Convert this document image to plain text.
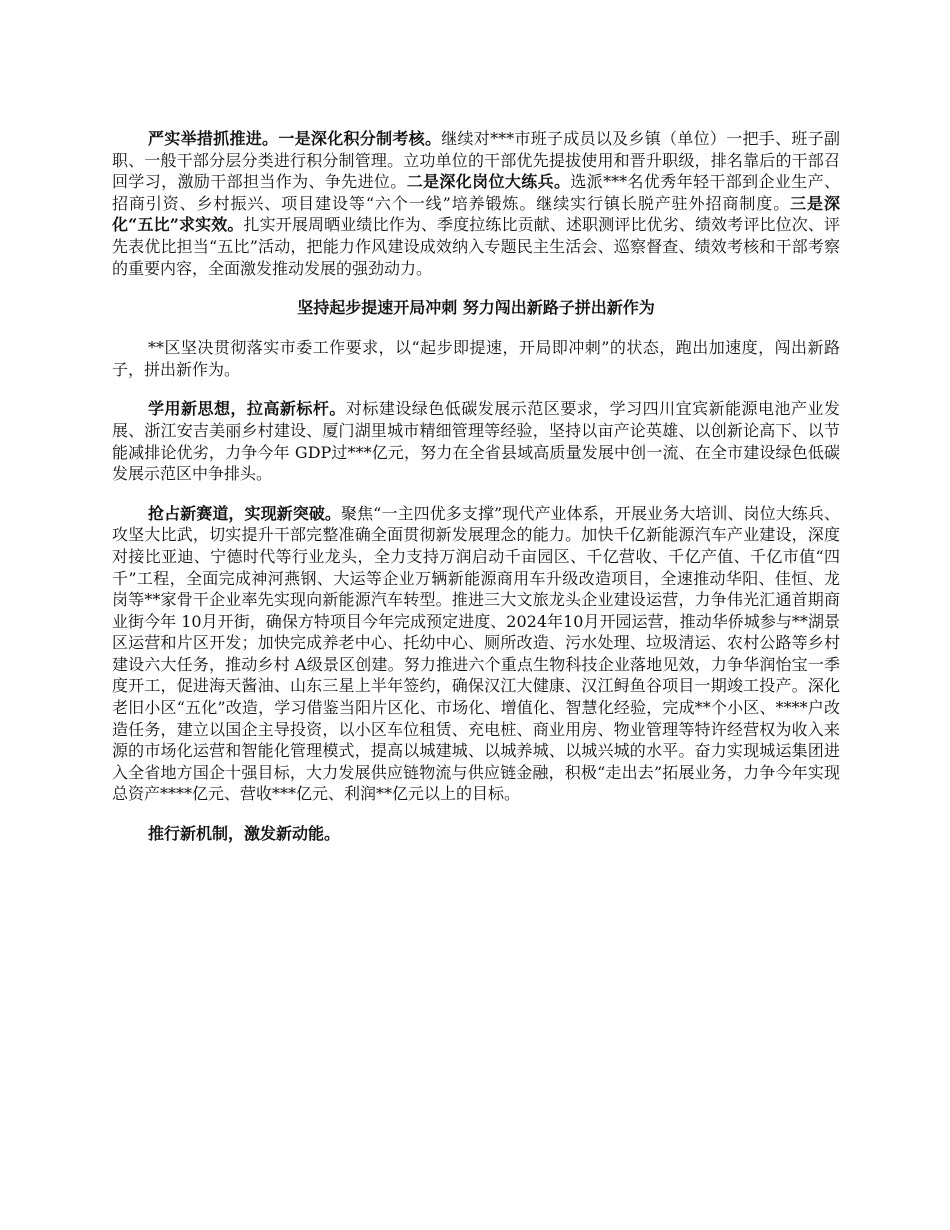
严实举措抓推进。一是深化积分制考核。继续对***市班子成员以及乡镇（单位）一把手、班子副职、一般干部分层分类进行积分制管理。立功单位的干部优先提拔使用和晋升职级，排名靠后的干部召回学习，激励干部担当作为、争先进位。二是深化岗位大练兵。选派***名优秀年轻干部到企业生产、招商引资、乡村振兴、项目建设等“六个一线”培养锻炼。继续实行镇长脱产驻外招商制度。三是深化“五比”求实效。扎实开展周晒业绩比作为、季度拉练比贡献、述职测评比优劣、绩效考评比位次、评先表优比担当“五比”活动，把能力作风建设成效纳入专题民主生活会、巡察督查、绩效考核和干部考察的重要内容，全面激发推动发展的强劲动力。

坚持起步提速开局冲刺 努力闯出新路子拼出新作为

**区坚决贯彻落实市委工作要求，以“起步即提速，开局即冲刺”的状态，跑出加速度，闯出新路子，拼出新作为。

学用新思想，拉高新标杆。对标建设绿色低碳发展示范区要求，学习四川宜宾新能源电池产业发展、浙江安吉美丽乡村建设、厦门湖里城市精细管理等经验，坚持以亩产论英雄、以创新论高下、以节能减排论优劣，力争今年 GDP过***亿元，努力在全省县域高质量发展中创一流、在全市建设绿色低碳发展示范区中争排头。

抢占新赛道，实现新突破。聚焦“一主四优多支撑”现代产业体系，开展业务大培训、岗位大练兵、攻坚大比武，切实提升干部完整准确全面贯彻新发展理念的能力。加快千亿新能源汽车产业建设，深度对接比亚迪、宁德时代等行业龙头，全力支持万润启动千亩园区、千亿营收、千亿产值、千亿市值“四千”工程，全面完成神河燕钢、大运等企业万辆新能源商用车升级改造项目，全速推动华阳、佳恒、龙岗等**家骨干企业率先实现向新能源汽车转型。推进三大文旅龙头企业建设运营，力争伟光汇通首期商业街今年 10月开街，确保方特项目今年完成预定进度、2024年10月开园运营，推动华侨城参与**湖景区运营和片区开发；加快完成养老中心、托幼中心、厕所改造、污水处理、垃圾清运、农村公路等乡村建设六大任务，推动乡村 A级景区创建。努力推进六个重点生物科技企业落地见效，力争华润怡宝一季度开工，促进海天酱油、山东三星上半年签约，确保汉江大健康、汉江鲟鱼谷项目一期竣工投产。深化老旧小区“五化”改造，学习借鉴当阳片区化、市场化、增值化、智慧化经验，完成**个小区、****户改造任务，建立以国企主导投资，以小区车位租赁、充电桩、商业用房、物业管理等特许经营权为收入来源的市场化运营和智能化管理模式，提高以城建城、以城养城、以城兴城的水平。奋力实现城运集团进入全省地方国企十强目标，大力发展供应链物流与供应链金融，积极“走出去”拓展业务，力争今年实现总资产****亿元、营收***亿元、利润**亿元以上的目标。

推行新机制，激发新动能。
